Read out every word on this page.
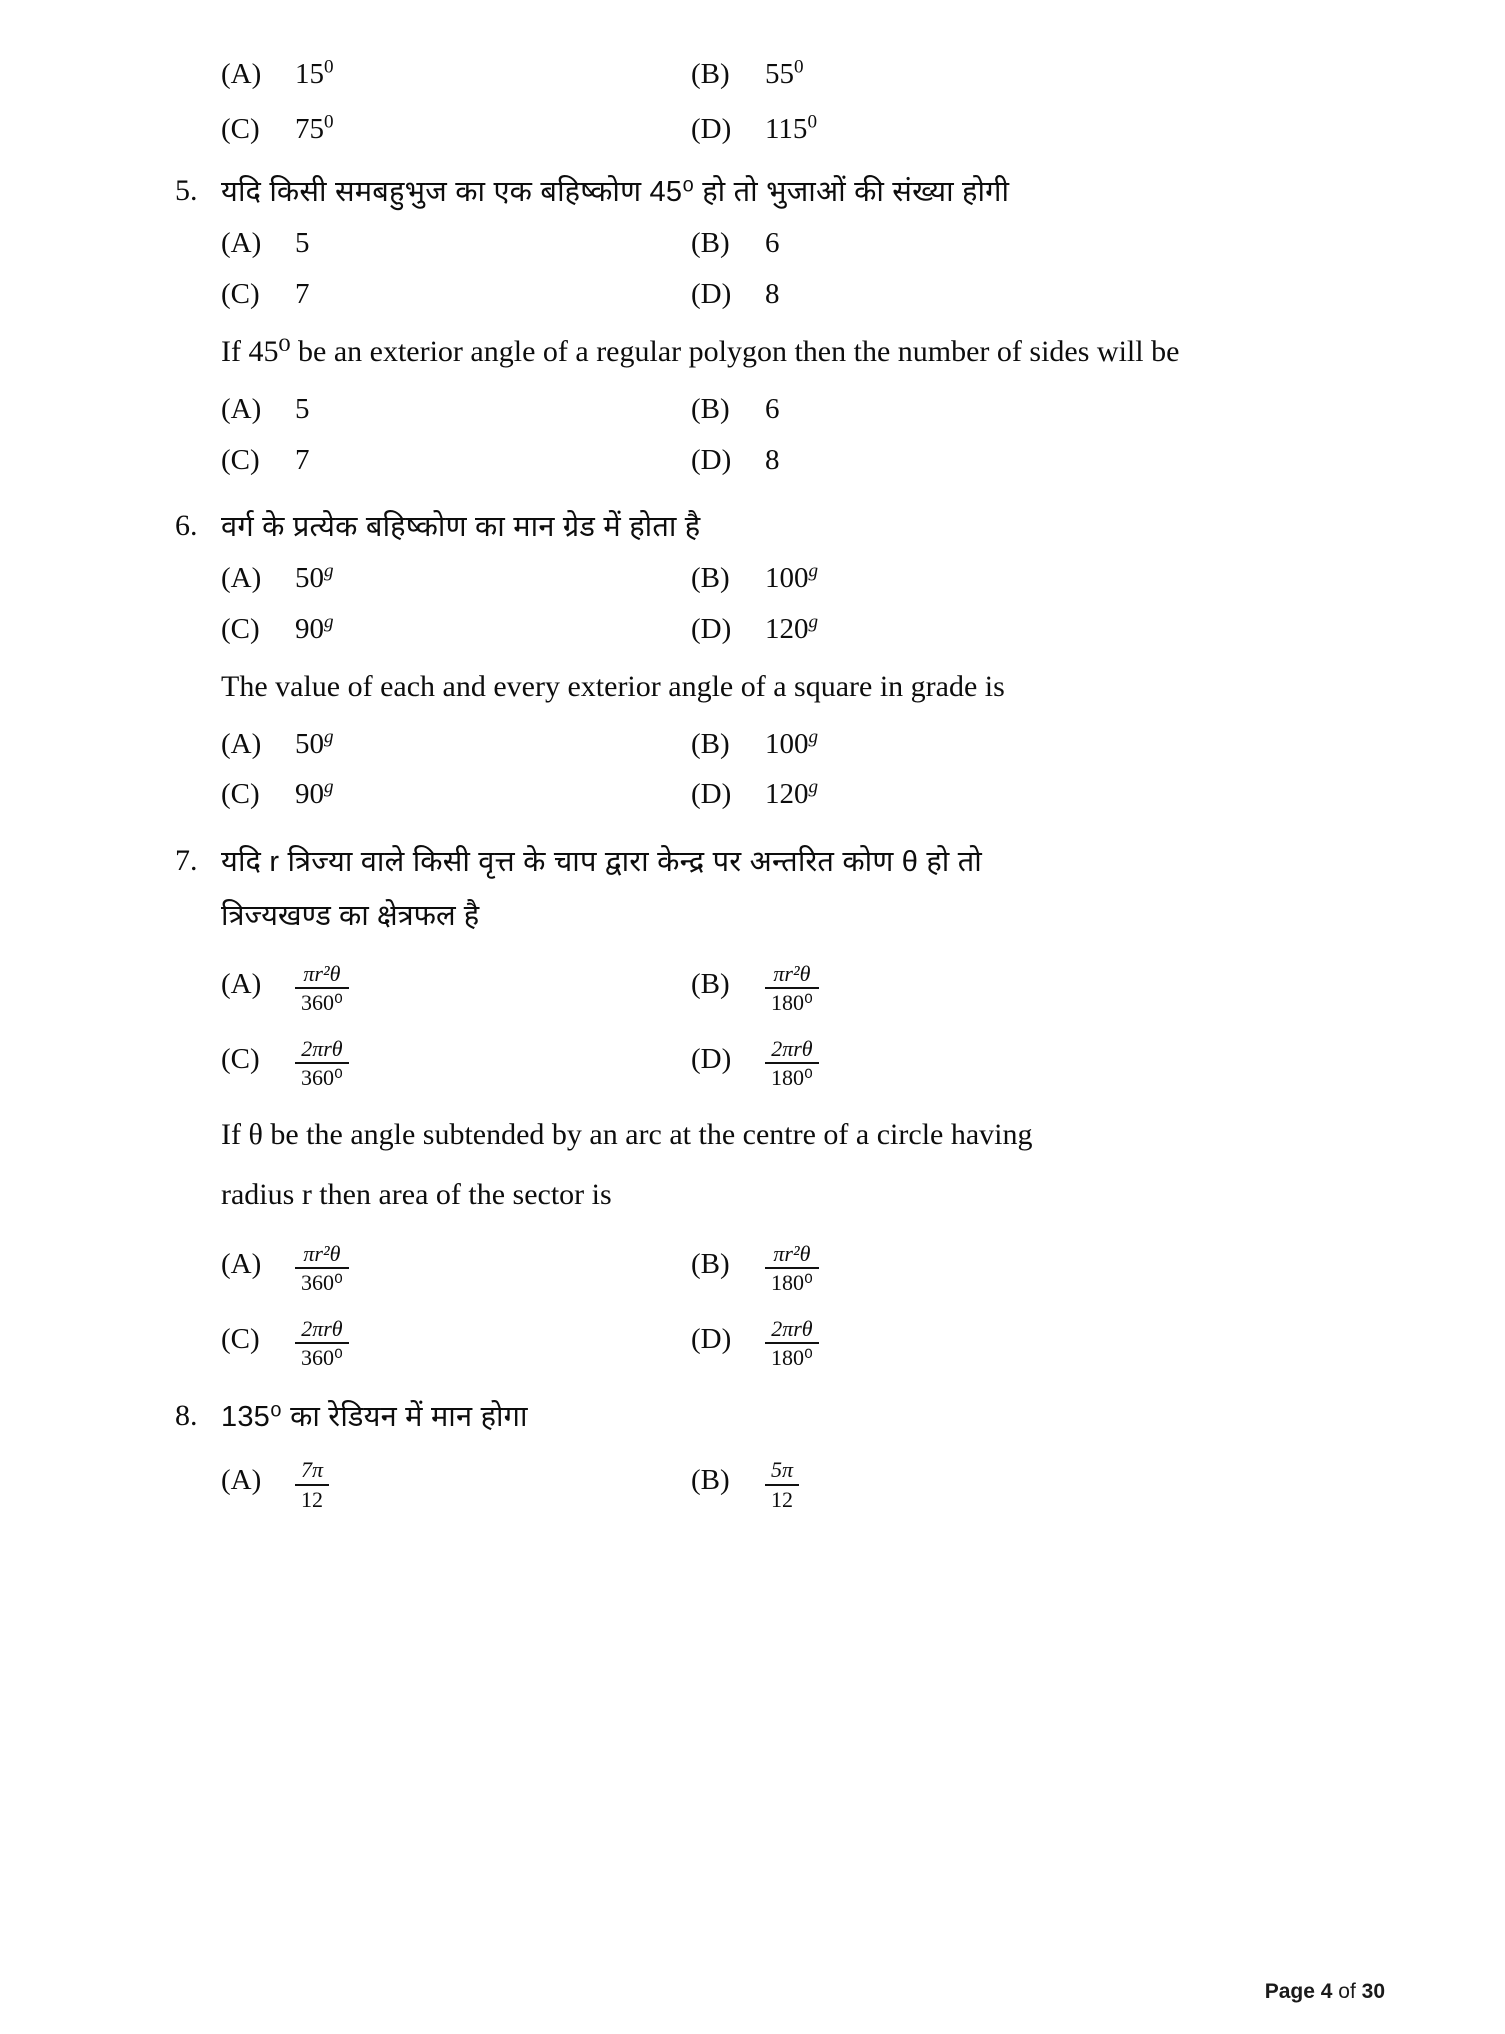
(A)	$15^0$	(B)	$55^0$
(C)	$75^0$	(D)	$115^0$
5. यदि किसी समबहुभुज का एक बहिष्कोण 45⁰ हो तो भुजाओं की संख्या होगी
(A)	5	(B)	6
(C)	7	(D)	8
If 45⁰ be an exterior angle of a regular polygon then the number of sides will be
(A)	5	(B)	6
(C)	7	(D)	8
6. वर्ग के प्रत्येक बहिष्कोण का मान ग्रेड में होता है
(A)	50$^g$	(B)	100$^g$
(C)	90$^g$	(D)	120$^g$
The value of each and every exterior angle of a square in grade is
(A)	50$^g$	(B)	100$^g$
(C)	90$^g$	(D)	120$^g$
7. यदि r त्रिज्या वाले किसी वृत्त के चाप द्वारा केन्द्र पर अन्तरित कोण θ हो तो
त्रिज्यखण्ड का क्षेत्रफल है
(A)	$\frac{\text{πr²θ}}{\text{360⁰}}$	(B)	$\frac{\text{πr²θ}}{\text{180⁰}}$
(C)	$\frac{\text{2πrθ}}{\text{360⁰}}$	(D)	$\frac{\text{2πrθ}}{\text{180⁰}}$
If θ be the angle subtended by an arc at the centre of a circle having
radius r then area of the sector is
(A)	$\frac{\text{πr²θ}}{\text{360⁰}}$	(B)	$\frac{\text{πr²θ}}{\text{180⁰}}$
(C)	$\frac{\text{2πrθ}}{\text{360⁰}}$	(D)	$\frac{\text{2πrθ}}{\text{180⁰}}$
8. 135⁰ का रेडियन में मान होगा
(A)	$\frac{7\pi}{12}$	(B)	$\frac{5\pi}{12}$
Page 4 of 30
